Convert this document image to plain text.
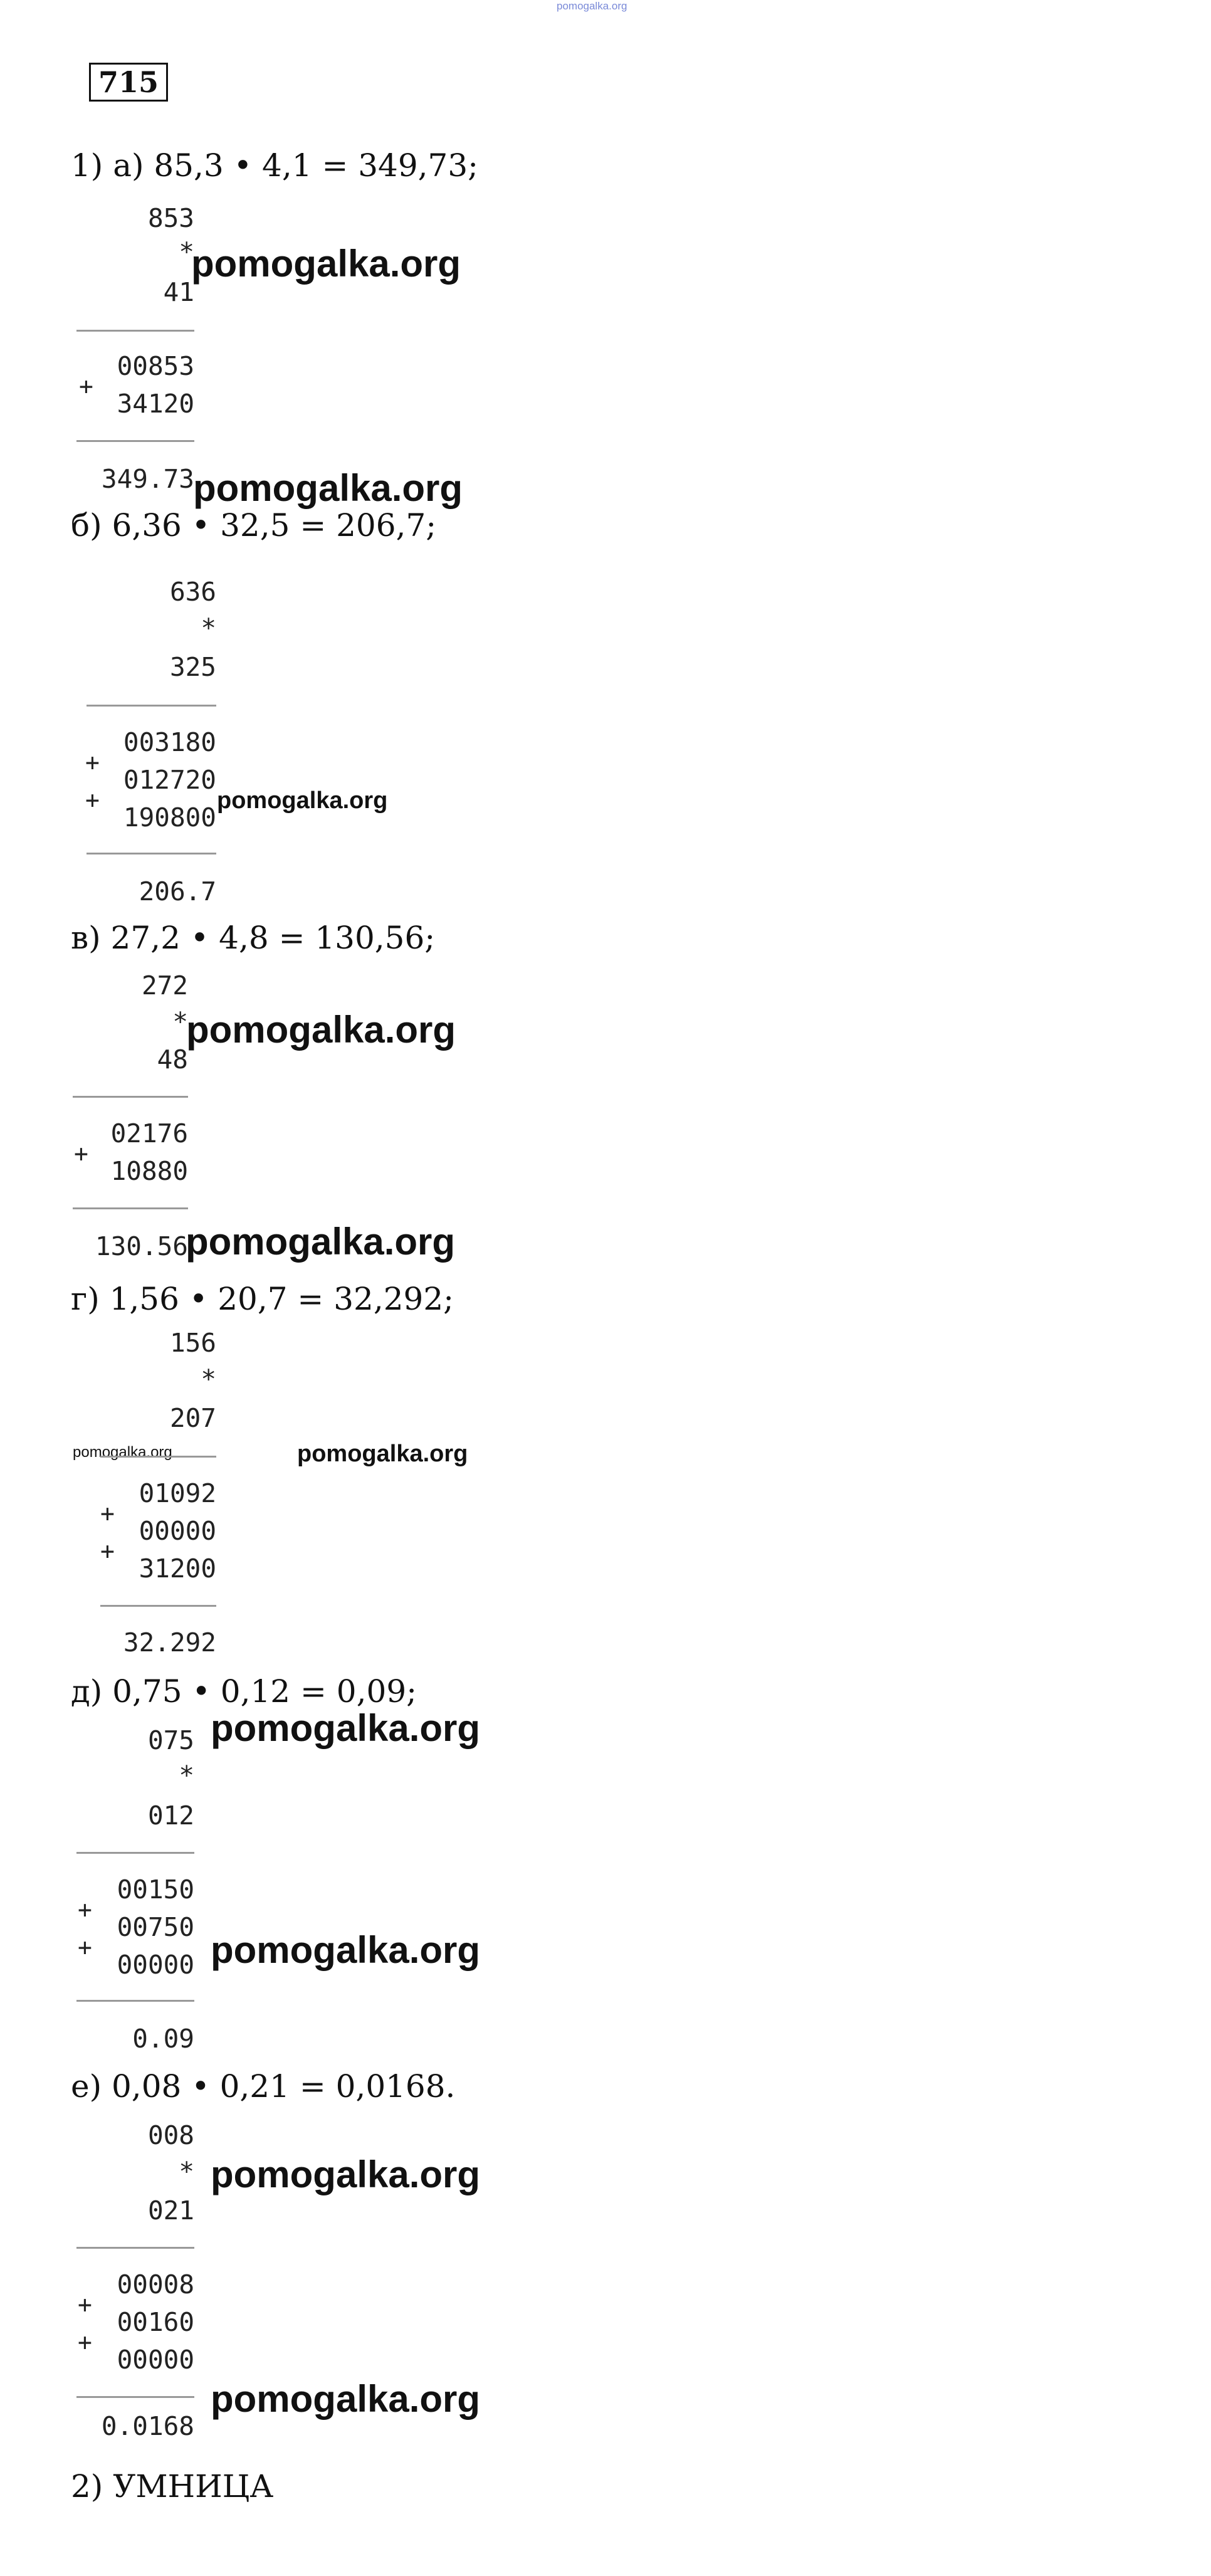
pomogalka.org
715
1) а) 85,3 • 4,1 = 349,73;
853
*
41
pomogalka.org
+
00853
34120
349.73
pomogalka.org
б) 6,36 • 32,5 = 206,7;
636
*
325
+
+
003180
012720
190800
pomogalka.org
206.7
в) 27,2 • 4,8 = 130,56;
272
*
48
pomogalka.org
+
02176
10880
130.56
pomogalka.org
г) 1,56 • 20,7 = 32,292;
156
*
207
pomogalka.org	pomogalka.org
+
+
01092
00000
31200
32.292
д) 0,75 • 0,12 = 0,09;
075
*
012
pomogalka.org
+
+
00150
00750
00000 pomogalka.org
0.09
е) 0,08 • 0,21 = 0,0168.
008
*
021
pomogalka.org
+
+
00008
00160
00000
pomogalka.org
0.0168
2) УМНИЦА
